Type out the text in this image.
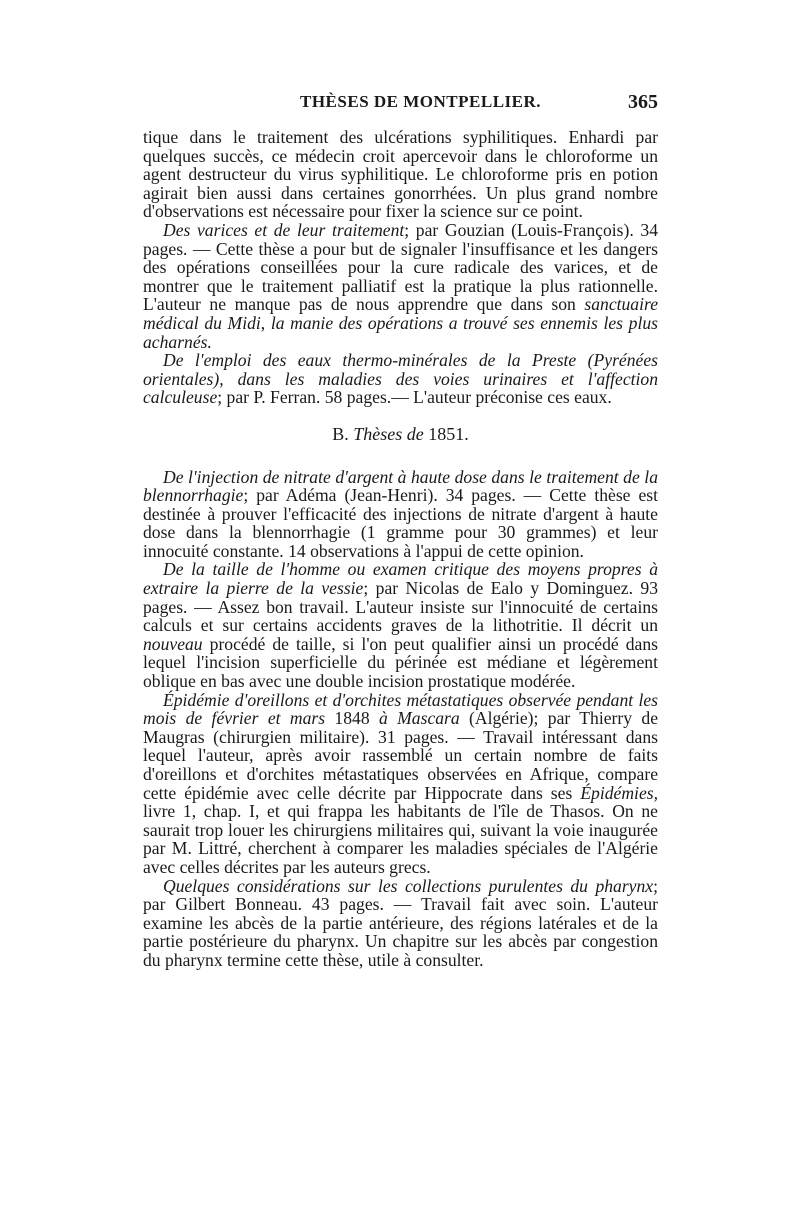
THÈSES DE MONTPELLIER.	365

tique dans le traitement des ulcérations syphilitiques. Enhardi par quelques succès, ce médecin croit apercevoir dans le chloroforme un agent destructeur du virus syphilitique. Le chloroforme pris en potion agirait bien aussi dans certaines gonorrhées. Un plus grand nombre d'observations est nécessaire pour fixer la science sur ce point.

Des varices et de leur traitement; par Gouzian (Louis-François). 34 pages. — Cette thèse a pour but de signaler l'insuffisance et les dangers des opérations conseillées pour la cure radicale des varices, et de montrer que le traitement palliatif est la pratique la plus rationnelle. L'auteur ne manque pas de nous apprendre que dans son sanctuaire médical du Midi, la manie des opérations a trouvé ses ennemis les plus acharnés.

De l'emploi des eaux thermo-minérales de la Preste (Pyrénées orientales), dans les maladies des voies urinaires et l'affection calculeuse; par P. Ferran. 58 pages.— L'auteur préconise ces eaux.

B. Thèses de 1851.

De l'injection de nitrate d'argent à haute dose dans le traitement de la blennorrhagie; par Adéma (Jean-Henri). 34 pages. — Cette thèse est destinée à prouver l'efficacité des injections de nitrate d'argent à haute dose dans la blennorrhagie (1 gramme pour 30 grammes) et leur innocuité constante. 14 observations à l'appui de cette opinion.

De la taille de l'homme ou examen critique des moyens propres à extraire la pierre de la vessie; par Nicolas de Ealo y Dominguez. 93 pages. — Assez bon travail. L'auteur insiste sur l'innocuité de certains calculs et sur certains accidents graves de la lithotritie. Il décrit un nouveau procédé de taille, si l'on peut qualifier ainsi un procédé dans lequel l'incision superficielle du périnée est médiane et légèrement oblique en bas avec une double incision prostatique modérée.

Épidémie d'oreillons et d'orchites métastatiques observée pendant les mois de février et mars 1848 à Mascara (Algérie); par Thierry de Maugras (chirurgien militaire). 31 pages. — Travail intéressant dans lequel l'auteur, après avoir rassemblé un certain nombre de faits d'oreillons et d'orchites métastatiques observées en Afrique, compare cette épidémie avec celle décrite par Hippocrate dans ses Épidémies, livre 1, chap. I, et qui frappa les habitants de l'île de Thasos. On ne saurait trop louer les chirurgiens militaires qui, suivant la voie inaugurée par M. Littré, cherchent à comparer les maladies spéciales de l'Algérie avec celles décrites par les auteurs grecs.

Quelques considérations sur les collections purulentes du pharynx; par Gilbert Bonneau. 43 pages. — Travail fait avec soin. L'auteur examine les abcès de la partie antérieure, des régions latérales et de la partie postérieure du pharynx. Un chapitre sur les abcès par congestion du pharynx termine cette thèse, utile à consulter.
